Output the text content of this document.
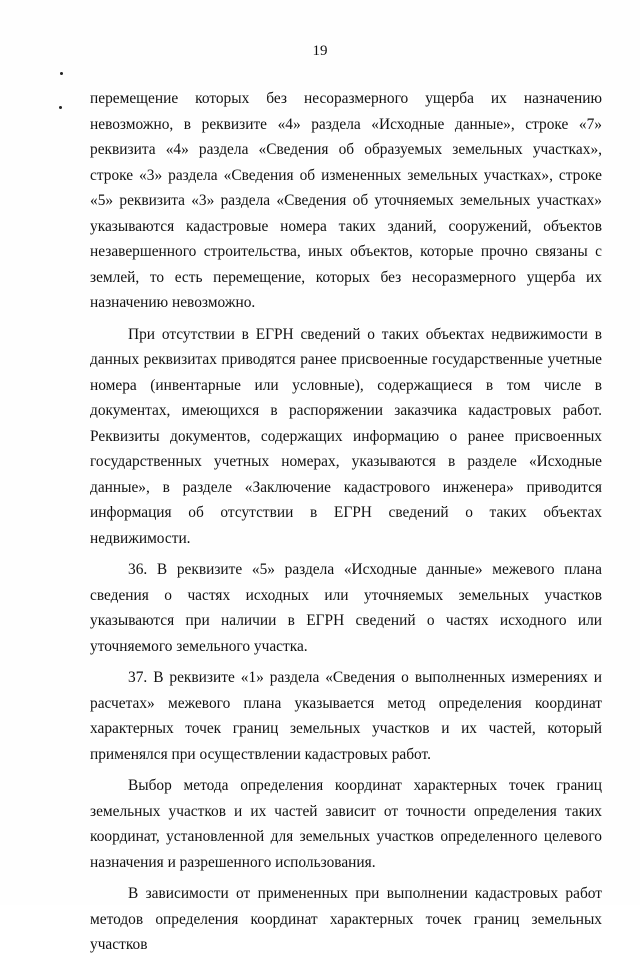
19

перемещение которых без несоразмерного ущерба их назначению невозможно, в реквизите «4» раздела «Исходные данные», строке «7» реквизита «4» раздела «Сведения об образуемых земельных участках», строке «3» раздела «Сведения об измененных земельных участках», строке «5» реквизита «3» раздела «Сведения об уточняемых земельных участках» указываются кадастровые номера таких зданий, сооружений, объектов незавершенного строительства, иных объектов, которые прочно связаны с землей, то есть перемещение, которых без несоразмерного ущерба их назначению невозможно.

При отсутствии в ЕГРН сведений о таких объектах недвижимости в данных реквизитах приводятся ранее присвоенные государственные учетные номера (инвентарные или условные), содержащиеся в том числе в документах, имеющихся в распоряжении заказчика кадастровых работ. Реквизиты документов, содержащих информацию о ранее присвоенных государственных учетных номерах, указываются в разделе «Исходные данные», в разделе «Заключение кадастрового инженера» приводится информация об отсутствии в ЕГРН сведений о таких объектах недвижимости.

36. В реквизите «5» раздела «Исходные данные» межевого плана сведения о частях исходных или уточняемых земельных участков указываются при наличии в ЕГРН сведений о частях исходного или уточняемого земельного участка.

37. В реквизите «1» раздела «Сведения о выполненных измерениях и расчетах» межевого плана указывается метод определения координат характерных точек границ земельных участков и их частей, который применялся при осуществлении кадастровых работ.

Выбор метода определения координат характерных точек границ земельных участков и их частей зависит от точности определения таких координат, установленной для земельных участков определенного целевого назначения и разрешенного использования.

В зависимости от примененных при выполнении кадастровых работ методов определения координат характерных точек границ земельных участков
